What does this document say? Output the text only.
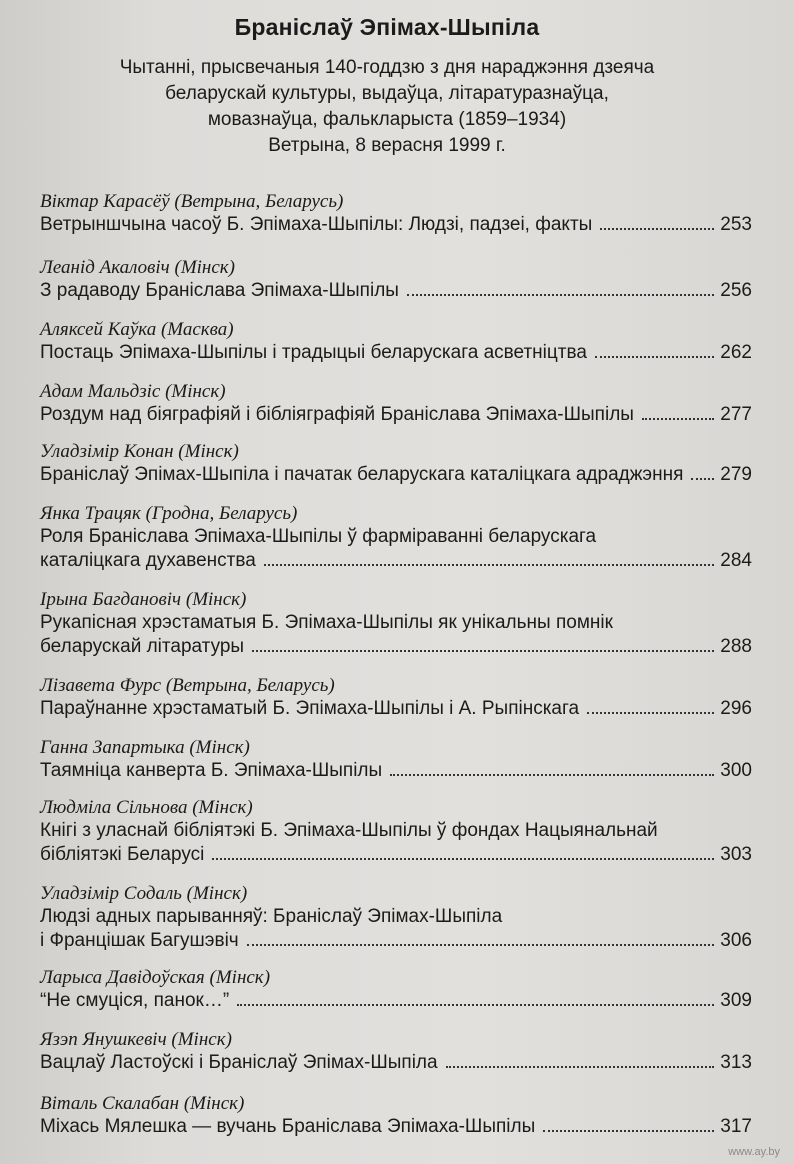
Браніслаў Эпімах-Шыпіла
Чытанні, прысвечаныя 140-годдзю з дня нараджэння дзеяча
беларускай культуры, выдаўца, літаратуразнаўца,
мовазнаўца, фалькларыста (1859–1934)
Ветрына, 8 верасня 1999 г.
Віктар Карасёў (Ветрына, Беларусь)
Ветрыншчына часоў Б. Эпімаха-Шыпілы: Людзі, падзеі, факты	253
Леанід Акаловіч (Мінск)
З радаводу Браніслава Эпімаха-Шыпілы	256
Аляксей Каўка (Масква)
Постаць Эпімаха-Шыпілы і традыцыі беларускага асветніцтва	262
Адам Мальдзіс (Мінск)
Роздум над біяграфіяй і бібліяграфіяй Браніслава Эпімаха-Шыпілы	277
Уладзімір Конан (Мінск)
Браніслаў Эпімах-Шыпіла і пачатак беларускага каталіцкага адраджэння 279
Янка Трацяк (Гродна, Беларусь)
Роля Браніслава Эпімаха-Шыпілы ў фарміраванні беларускага
каталіцкага духавенства	284
Ірына Багдановіч (Мінск)
Рукапісная хрэстаматыя Б. Эпімаха-Шыпілы як унікальны помнік
беларускай літаратуры	288
Лізавета Фурс (Ветрына, Беларусь)
Параўнанне хрэстаматый Б. Эпімаха-Шыпілы і А. Рыпінскага	296
Ганна Запартыка (Мінск)
Таямніца канверта Б. Эпімаха-Шыпілы	300
Людміла Сільнова (Мінск)
Кнігі з уласнай бібліятэкі Б. Эпімаха-Шыпілы ў фондах Нацыянальнай
бібліятэкі Беларусі	303
Уладзімір Содаль (Мінск)
Людзі адных парыванняў: Браніслаў Эпімах-Шыпіла
і Францішак Багушэвіч	306
Ларыса Давідоўская (Мінск)
“Не смуціся, панок…”	309
Язэп Янушкевіч (Мінск)
Вацлаў Ластоўскі і Браніслаў Эпімах-Шыпіла	313
Віталь Скалабан (Мінск)
Міхась Мялешка — вучань Браніслава Эпімаха-Шыпілы	317
www.ay.by
